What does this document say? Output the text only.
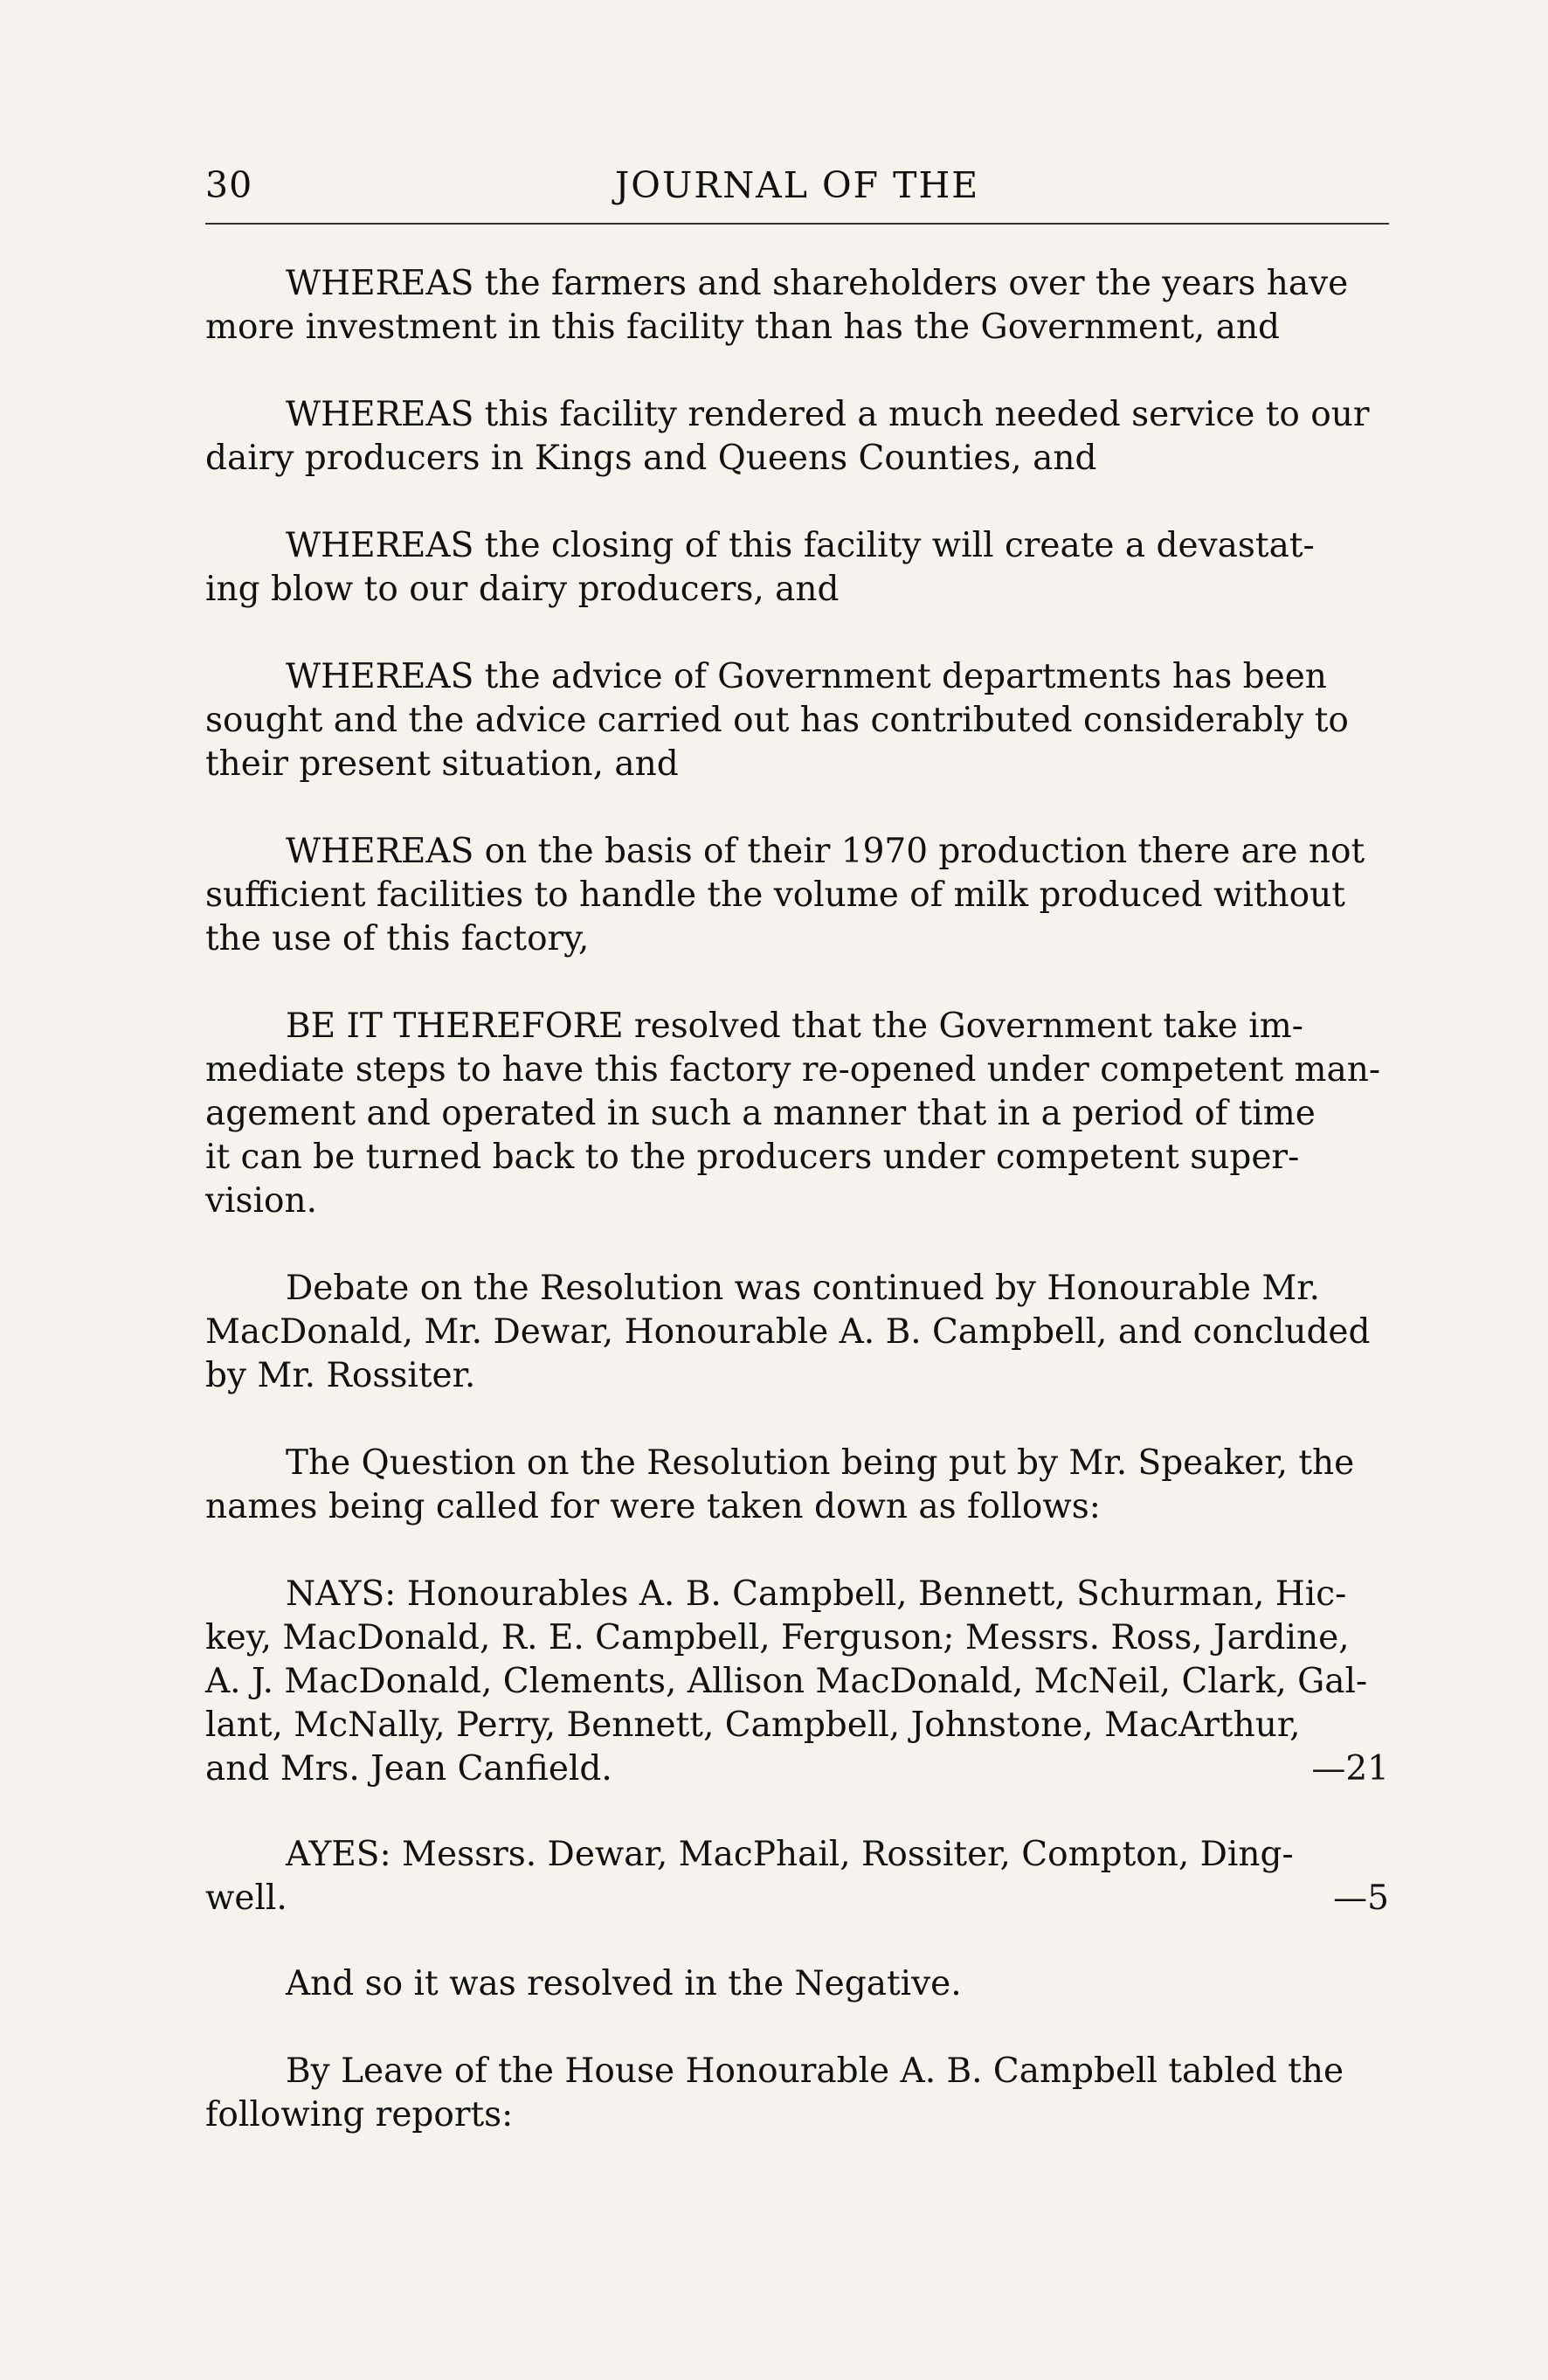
30	JOURNAL OF THE

WHEREAS the farmers and shareholders over the years have
more investment in this facility than has the Government, and

WHEREAS this facility rendered a much needed service to our
dairy producers in Kings and Queens Counties, and

WHEREAS the closing of this facility will create a devastat-
ing blow to our dairy producers, and

WHEREAS the advice of Government departments has been
sought and the advice carried out has contributed considerably to
their present situation, and

WHEREAS on the basis of their 1970 production there are not
sufficient facilities to handle the volume of milk produced without
the use of this factory,

BE IT THEREFORE resolved that the Government take im-
mediate steps to have this factory re-opened under competent man-
agement and operated in such a manner that in a period of time
it can be turned back to the producers under competent super-
vision.

Debate on the Resolution was continued by Honourable Mr.
MacDonald, Mr. Dewar, Honourable A. B. Campbell, and concluded
by Mr. Rossiter.

The Question on the Resolution being put by Mr. Speaker, the
names being called for were taken down as follows:

NAYS: Honourables A. B. Campbell, Bennett, Schurman, Hic-
key, MacDonald, R. E. Campbell, Ferguson; Messrs. Ross, Jardine,
A. J. MacDonald, Clements, Allison MacDonald, McNeil, Clark, Gal-
lant, McNally, Perry, Bennett, Campbell, Johnstone, MacArthur,
and Mrs. Jean Canfield.	—21
AYES: Messrs. Dewar, MacPhail, Rossiter, Compton, Ding-
well.	—5

And so it was resolved in the Negative.

By Leave of the House Honourable A. B. Campbell tabled the
following reports:
